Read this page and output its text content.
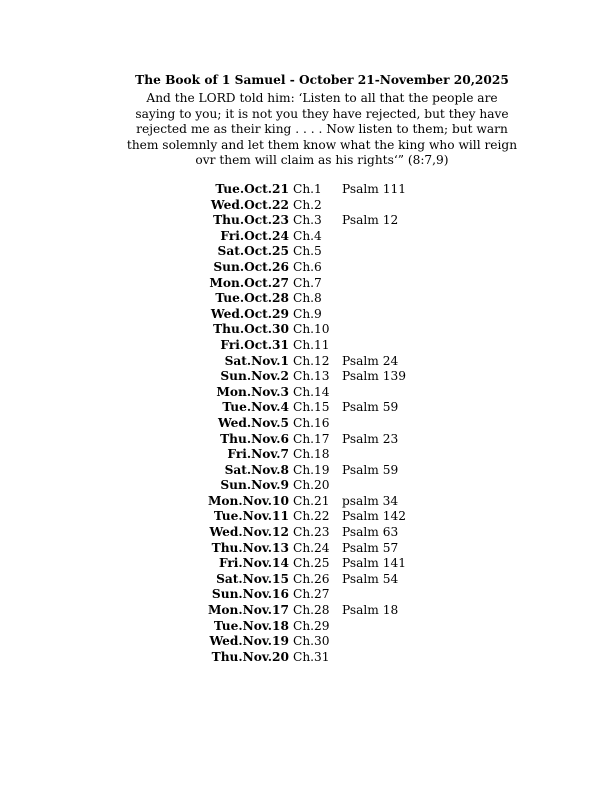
The Book of 1 Samuel - October 21-November 20,2025

And the LORD told him: ‘Listen to all that the people are saying to you; it is not you they have rejected, but they have rejected me as their king . . . . Now listen to them; but warn them solemnly and let them know what the king who will reign ovr them will claim as his rights‘” (8:7,9)

Tue.Oct.21 Ch.1 Psalm 111
Wed.Oct.22 Ch.2
Thu.Oct.23 Ch.3 Psalm 12
Fri.Oct.24 Ch.4
Sat.Oct.25 Ch.5
Sun.Oct.26 Ch.6
Mon.Oct.27 Ch.7
Tue.Oct.28 Ch.8
Wed.Oct.29 Ch.9
Thu.Oct.30 Ch.10
Fri.Oct.31 Ch.11
Sat.Nov.1 Ch.12 Psalm 24
Sun.Nov.2 Ch.13 Psalm 139
Mon.Nov.3 Ch.14
Tue.Nov.4 Ch.15 Psalm 59
Wed.Nov.5 Ch.16
Thu.Nov.6 Ch.17 Psalm 23
Fri.Nov.7 Ch.18
Sat.Nov.8 Ch.19 Psalm 59
Sun.Nov.9 Ch.20
Mon.Nov.10 Ch.21 psalm 34
Tue.Nov.11 Ch.22 Psalm 142
Wed.Nov.12 Ch.23 Psalm 63
Thu.Nov.13 Ch.24 Psalm 57
Fri.Nov.14 Ch.25 Psalm 141
Sat.Nov.15 Ch.26 Psalm 54
Sun.Nov.16 Ch.27
Mon.Nov.17 Ch.28 Psalm 18
Tue.Nov.18 Ch.29
Wed.Nov.19 Ch.30
Thu.Nov.20 Ch.31
